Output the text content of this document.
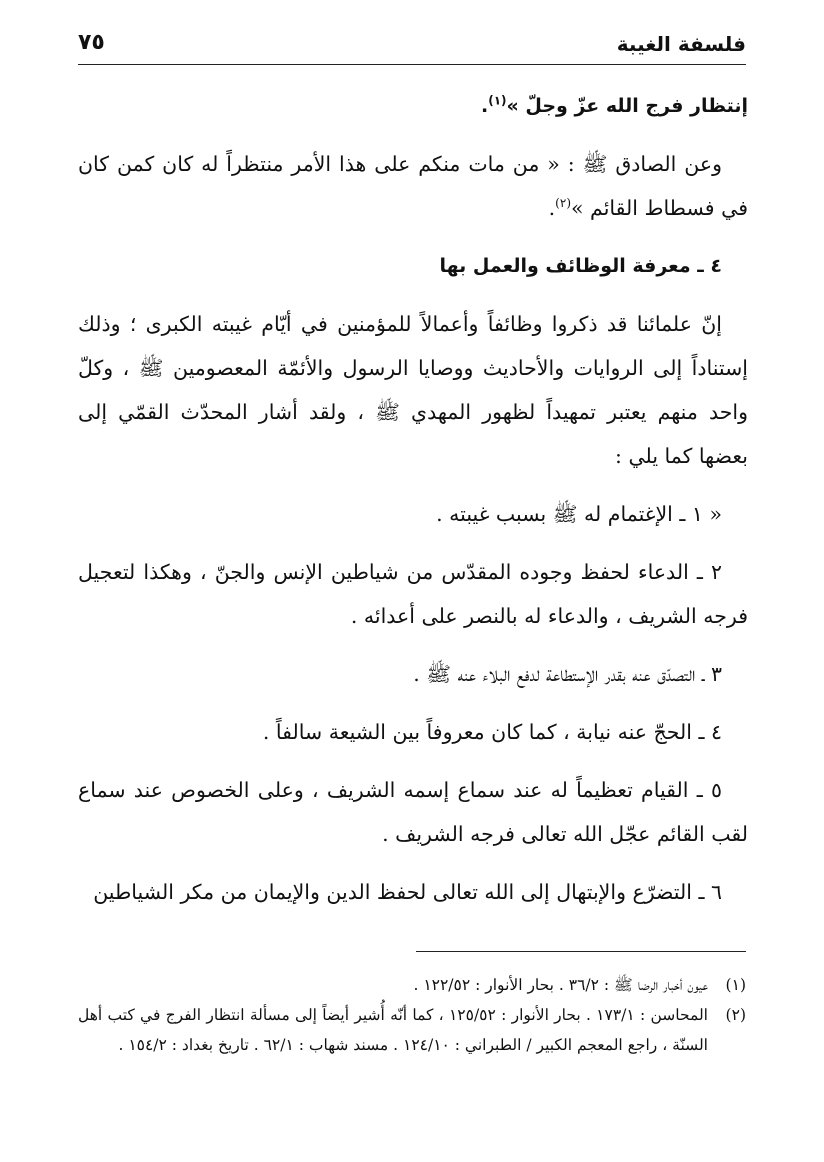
فلسفة الغيبة
٧٥

إنتظار فرج الله عزّ وجلّ »$^{(١)}$.

وعن الصادق ﷺ : « من مات منكم على هذا الأمر منتظراً له كان كمن كان في فسطاط القائم »$^{(٢)}$.

٤ ـ معرفة الوظائف والعمل بها

إنّ علمائنا قد ذكروا وظائفاً وأعمالاً للمؤمنين في أيّام غيبته الكبرى ؛ وذلك إستناداً إلى الروايات والأحاديث ووصايا الرسول والأئمّة المعصومين ﷺ ، وكلّ واحد منهم يعتبر تمهيداً لظهور المهدي ﷺ ، ولقد أشار المحدّث القمّي إلى بعضها كما يلي :

« ١ ـ الإغتمام له ﷺ بسبب غيبته .

٢ ـ الدعاء لحفظ وجوده المقدّس من شياطين الإنس والجنّ ، وهكذا لتعجيل فرجه الشريف ، والدعاء له بالنصر على أعدائه .

٣ ـ التصدّق عنه بقدر الإستطاعة لدفع البلاء عنه ﷺ .

٤ ـ الحجّ عنه نيابة ، كما كان معروفاً بين الشيعة سالفاً .

٥ ـ القيام تعظيماً له عند سماع إسمه الشريف ، وعلى الخصوص عند سماع لقب القائم عجّل الله تعالى فرجه الشريف .

٦ ـ التضرّع والإبتهال إلى الله تعالى لحفظ الدين والإيمان من مكر الشياطين

(١)
عيون أخبار الرضا ﷺ : ٣٦/٢ . بحار الأنوار : ١٢٢/٥٢ .
(٢)
المحاسن : ١٧٣/١ . بحار الأنوار : ١٢٥/٥٢ ، كما أنّه أُشير أيضاً إلى مسألة انتظار الفرج في كتب أهل السنّة ، راجع المعجم الكبير / الطبراني : ١٢٤/١٠ . مسند شهاب : ٦٢/١ . تاريخ بغداد : ١٥٤/٢ .
